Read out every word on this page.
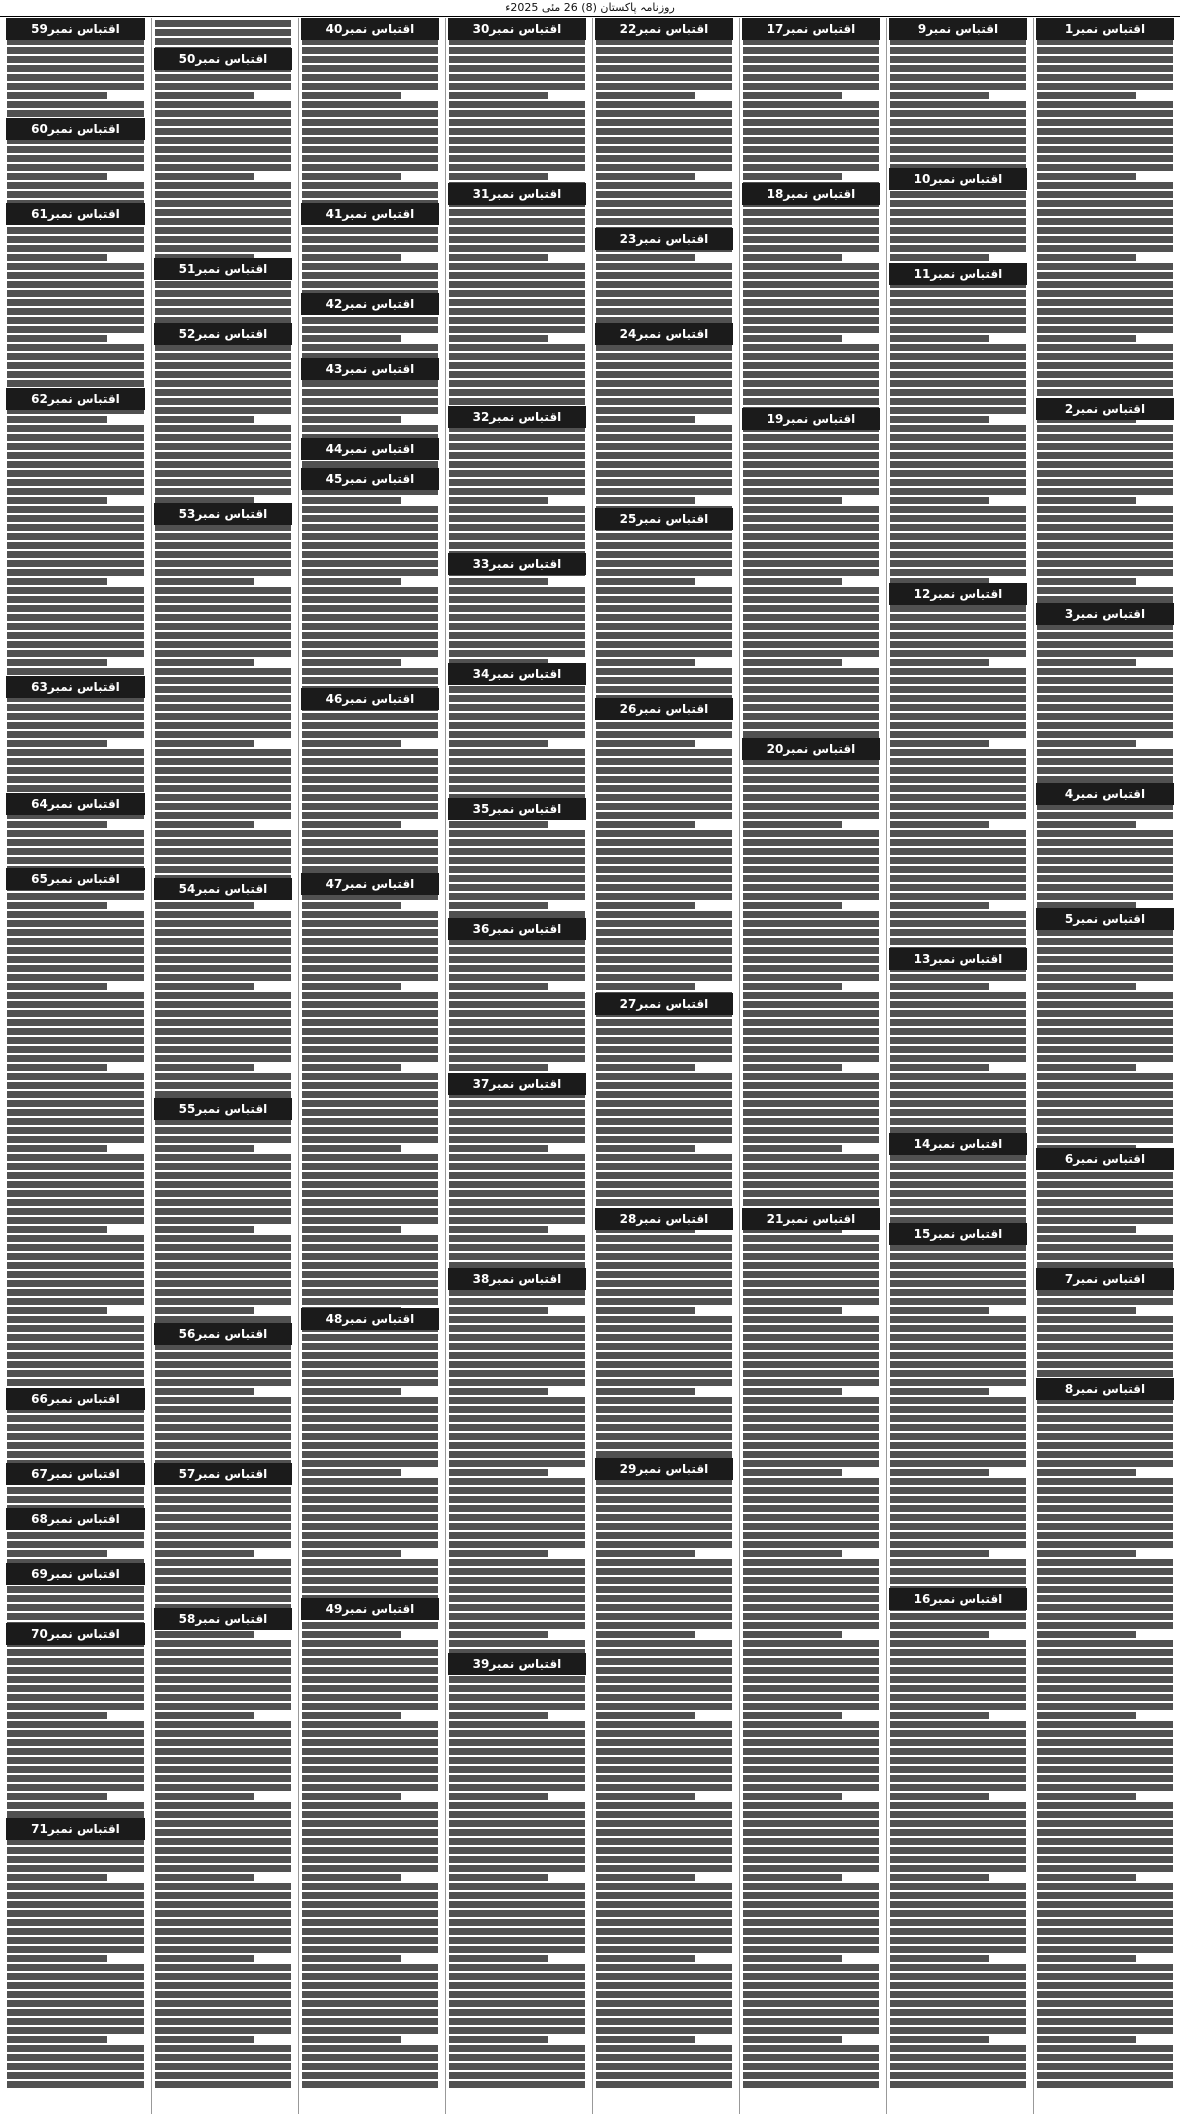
روزنامہ پاکستان (8) 26 مئی 2025ء
اقتباس نمبر1
اقتباس نمبر2
اقتباس نمبر3
اقتباس نمبر4
اقتباس نمبر5
اقتباس نمبر6
اقتباس نمبر7
اقتباس نمبر8
اقتباس نمبر9
اقتباس نمبر10
اقتباس نمبر11
اقتباس نمبر12
اقتباس نمبر13
اقتباس نمبر14
اقتباس نمبر15
اقتباس نمبر16
اقتباس نمبر17
اقتباس نمبر18
اقتباس نمبر19
اقتباس نمبر20
اقتباس نمبر21
اقتباس نمبر22
اقتباس نمبر23
اقتباس نمبر24
اقتباس نمبر25
اقتباس نمبر26
اقتباس نمبر27
اقتباس نمبر28
اقتباس نمبر29
اقتباس نمبر30
اقتباس نمبر31
اقتباس نمبر32
اقتباس نمبر33
اقتباس نمبر34
اقتباس نمبر35
اقتباس نمبر36
اقتباس نمبر37
اقتباس نمبر38
اقتباس نمبر39
اقتباس نمبر40
اقتباس نمبر41
اقتباس نمبر42
اقتباس نمبر43
اقتباس نمبر44
اقتباس نمبر45
اقتباس نمبر46
اقتباس نمبر47
اقتباس نمبر48
اقتباس نمبر49
اقتباس نمبر50
اقتباس نمبر51
اقتباس نمبر52
اقتباس نمبر53
اقتباس نمبر54
اقتباس نمبر55
اقتباس نمبر56
اقتباس نمبر57
اقتباس نمبر58
اقتباس نمبر59
اقتباس نمبر60
اقتباس نمبر61
اقتباس نمبر62
اقتباس نمبر63
اقتباس نمبر64
اقتباس نمبر65
اقتباس نمبر66
اقتباس نمبر67
اقتباس نمبر68
اقتباس نمبر69
اقتباس نمبر70
اقتباس نمبر71
